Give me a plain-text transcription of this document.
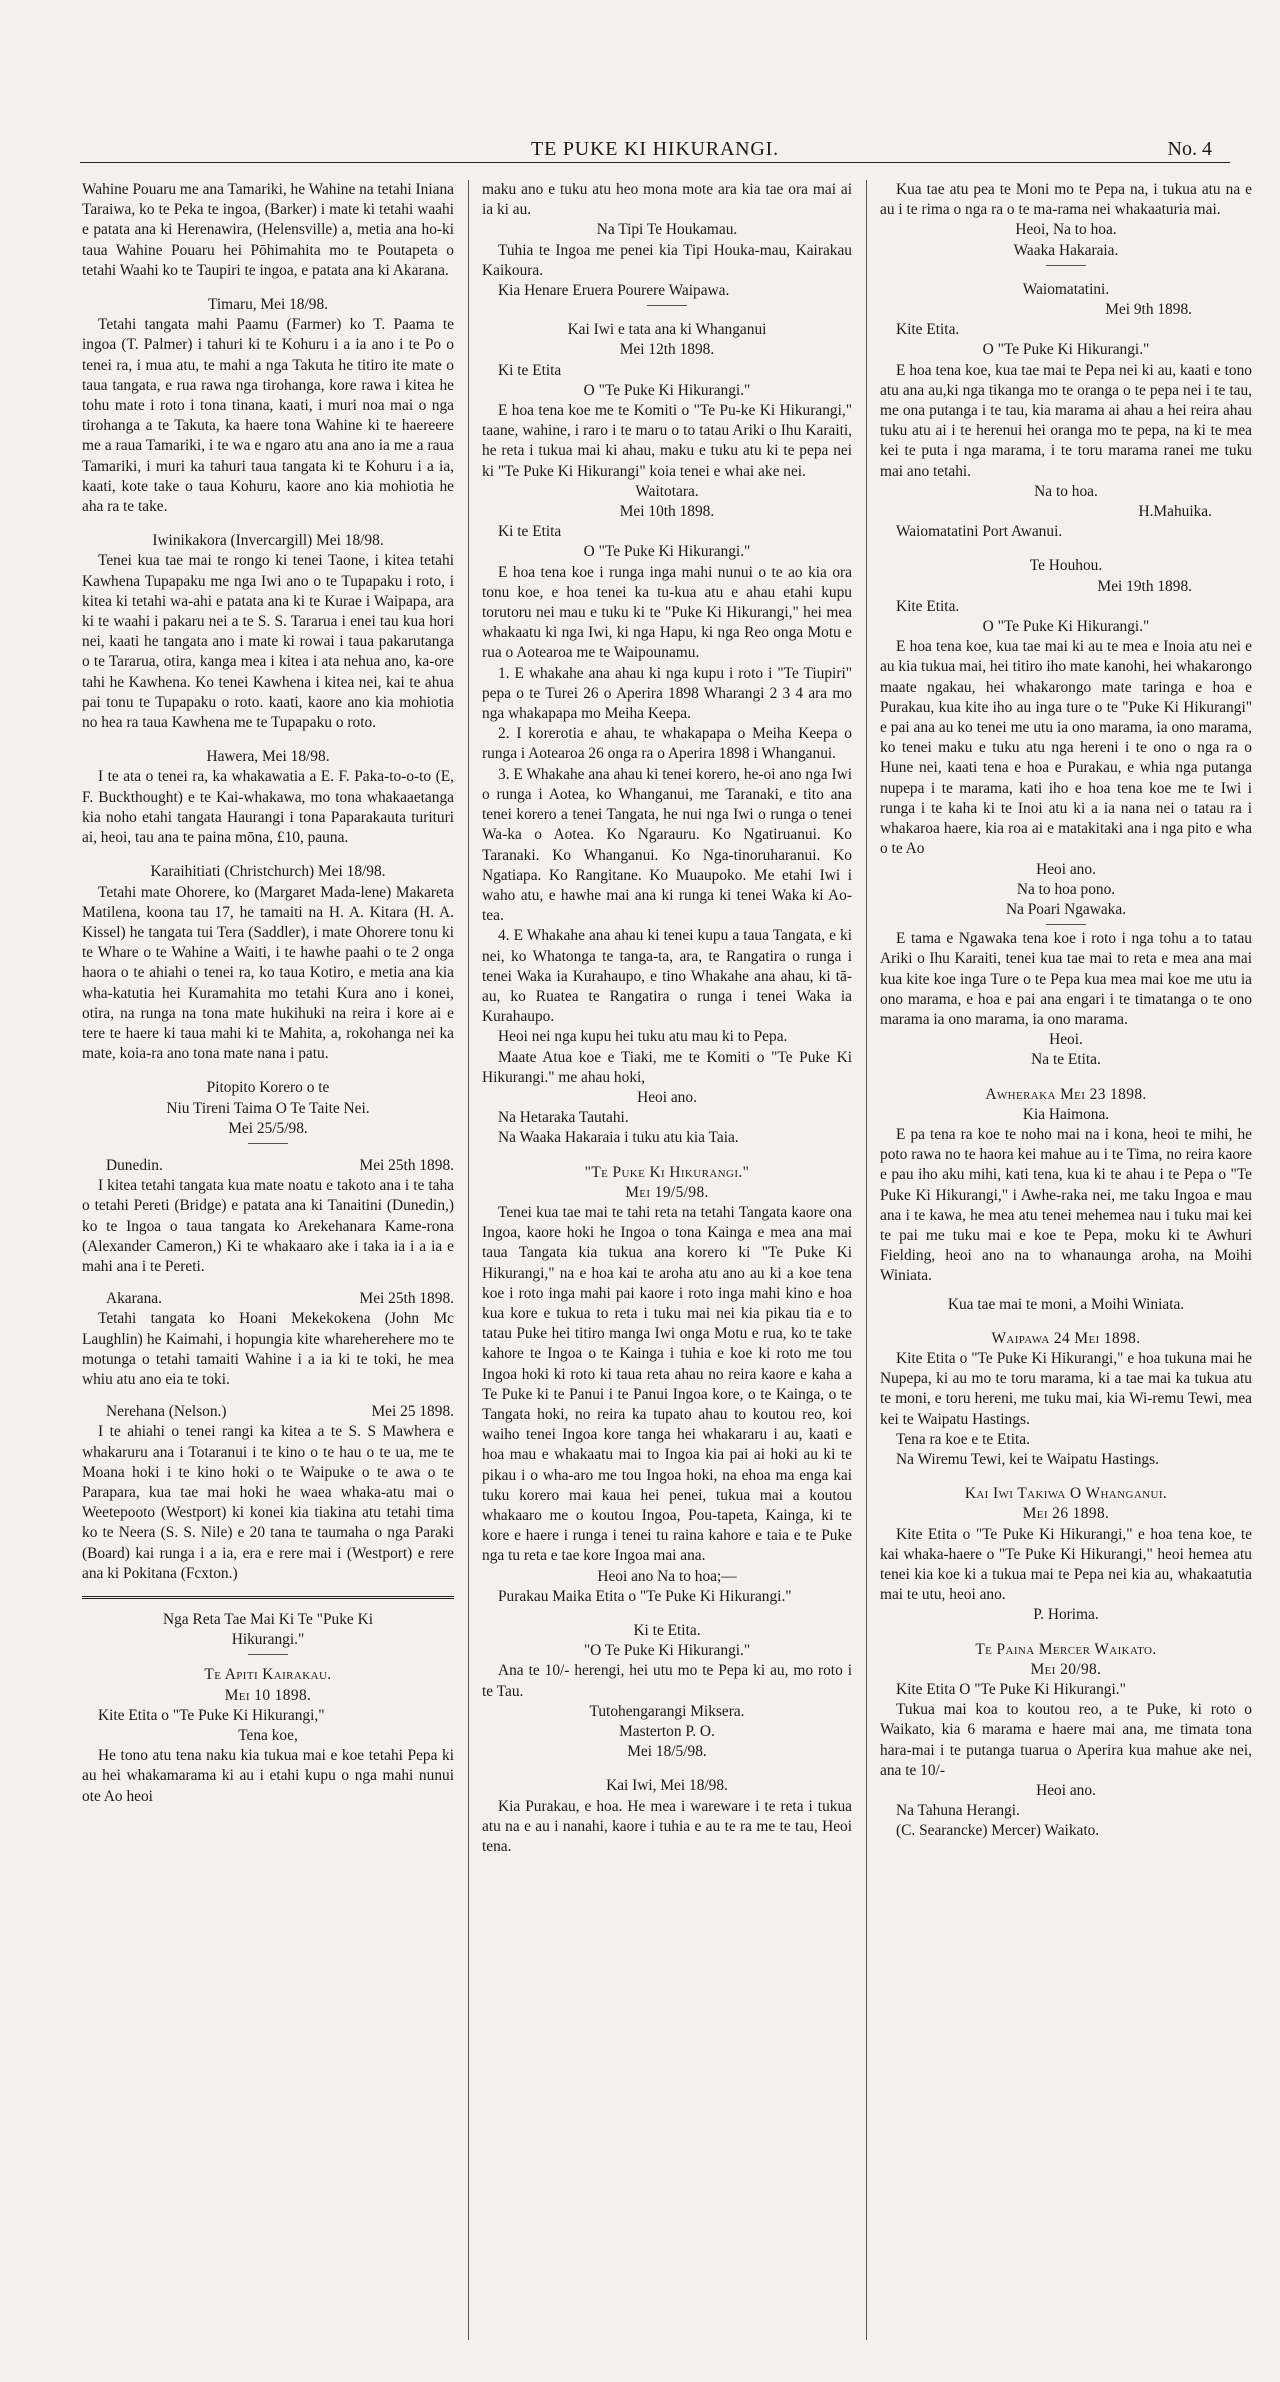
TE PUKE KI HIKURANGI.	No. 4

Wahine Pouaru me ana Tamariki, he Wahine na tetahi Iniana Taraiwa, ko te Peka te ingoa, (Barker) i mate ki tetahi waahi e patata ana ki Herenawira, (Helensville) a, metia ana ho-ki taua Wahine Pouaru hei Pōhimahita mo te Poutapeta o tetahi Waahi ko te Taupiri te ingoa, e patata ana ki Akarana.

Timaru, Mei 18/98.

Tetahi tangata mahi Paamu (Farmer) ko T. Paama te ingoa (T. Palmer) i tahuri ki te Kohuru i a ia ano i te Po o tenei ra, i mua atu, te mahi a nga Takuta he titiro ite mate o taua tangata, e rua rawa nga tirohanga, kore rawa i kitea he tohu mate i roto i tona tinana, kaati, i muri noa mai o nga tirohanga a te Takuta, ka haere tona Wahine ki te haereere me a raua Tamariki, i te wa e ngaro atu ana ano ia me a raua Tamariki, i muri ka tahuri taua tangata ki te Kohuru i a ia, kaati, kote take o taua Kohuru, kaore ano kia mohiotia he aha ra te take.

Iwinikakora (Invercargill) Mei 18/98.

Tenei kua tae mai te rongo ki tenei Taone, i kitea tetahi Kawhena Tupapaku me nga Iwi ano o te Tupapaku i roto, i kitea ki tetahi wa-ahi e patata ana ki te Kurae i Waipapa, ara ki te waahi i pakaru nei a te S. S. Tararua i enei tau kua hori nei, kaati he tangata ano i mate ki rowai i taua pakarutanga o te Tararua, otira, kanga mea i kitea i ata nehua ano, ka-ore tahi he Kawhena. Ko tenei Kawhena i kitea nei, kai te ahua pai tonu te Tupapaku o roto. kaati, kaore ano kia mohiotia no hea ra taua Kawhena me te Tupapaku o roto.

Hawera, Mei 18/98.

I te ata o tenei ra, ka whakawatia a E. F. Paka-to-o-to (E, F. Buckthought) e te Kai-whakawa, mo tona whakaaetanga kia noho etahi tangata Haurangi i tona Paparakauta turituri ai, heoi, tau ana te paina mōna, £10, pauna.

Karaihitiati (Christchurch) Mei 18/98.

Tetahi mate Ohorere, ko (Margaret Mada-lene) Makareta Matilena, koona tau 17, he tamaiti na H. A. Kitara (H. A. Kissel) he tangata tui Tera (Saddler), i mate Ohorere tonu ki te Whare o te Wahine a Waiti, i te hawhe paahi o te 2 onga haora o te ahiahi o tenei ra, ko taua Kotiro, e metia ana kia wha-katutia hei Kuramahita mo tetahi Kura ano i konei, otira, na runga na tona mate hukihuki na reira i kore ai e tere te haere ki taua mahi ki te Mahita, a, rokohanga nei ka mate, koia-ra ano tona mate nana i patu.

Pitopito Korero o te

Niu Tireni Taima O Te Taite Nei.

Mei 25/5/98.

Dunedin.	Mei 25th 1898.

I kitea tetahi tangata kua mate noatu e takoto ana i te taha o tetahi Pereti (Bridge) e patata ana ki Tanaitini (Dunedin,) ko te Ingoa o taua tangata ko Arekehanara Kame-rona (Alexander Cameron,) Ki te whakaaro ake i taka ia i a ia e mahi ana i te Pereti.

Akarana.	Mei 25th 1898.

Tetahi tangata ko Hoani Mekekokena (John Mc Laughlin) he Kaimahi, i hopungia kite whareherehere mo te motunga o tetahi tamaiti Wahine i a ia ki te toki, he mea whiu atu ano eia te toki.

Nerehana (Nelson.)	Mei 25 1898.

I te ahiahi o tenei rangi ka kitea a te S. S Mawhera e whakaruru ana i Totaranui i te kino o te hau o te ua, me te Moana hoki i te kino hoki o te Waipuke o te awa o te Parapara, kua tae mai hoki he waea whaka-atu mai o Weetepooto (Westport) ki konei kia tiakina atu tetahi tima ko te Neera (S. S. Nile) e 20 tana te taumaha o nga Paraki (Board) kai runga i a ia, era e rere mai i (Westport) e rere ana ki Pokitana (Fcxton.)

Nga Reta Tae Mai Ki Te "Puke Ki

Hikurangi."

Te Apiti Kairakau.

Mei 10 1898.

Kite Etita o "Te Puke Ki Hikurangi,"

Tena koe,

He tono atu tena naku kia tukua mai e koe tetahi Pepa ki au hei whakamarama ki au i etahi kupu o nga mahi nunui ote Ao heoi

maku ano e tuku atu heo mona mote ara kia tae ora mai ai ia ki au.

Na Tipi Te Houkamau.

Tuhia te Ingoa me penei kia Tipi Houka-mau, Kairakau Kaikoura.

Kia Henare Eruera Pourere Waipawa.

Kai Iwi e tata ana ki Whanganui

Mei 12th 1898.

Ki te Etita

O "Te Puke Ki Hikurangi."

E hoa tena koe me te Komiti o "Te Pu-ke Ki Hikurangi," taane, wahine, i raro i te maru o to tatau Ariki o Ihu Karaiti, he reta i tukua mai ki ahau, maku e tuku atu ki te pepa nei ki "Te Puke Ki Hikurangi" koia tenei e whai ake nei.

Waitotara.

Mei 10th 1898.

Ki te Etita

O "Te Puke Ki Hikurangi."

E hoa tena koe i runga inga mahi nunui o te ao kia ora tonu koe, e hoa tenei ka tu-kua atu e ahau etahi kupu torutoru nei mau e tuku ki te "Puke Ki Hikurangi," hei mea whakaatu ki nga Iwi, ki nga Hapu, ki nga Reo onga Motu e rua o Aotearoa me te Waipounamu.

1. E whakahe ana ahau ki nga kupu i roto i "Te Tiupiri" pepa o te Turei 26 o Aperira 1898 Wharangi 2 3 4 ara mo nga whakapapa mo Meiha Keepa.

2. I korerotia e ahau, te whakapapa o Meiha Keepa o runga i Aotearoa 26 onga ra o Aperira 1898 i Whanganui.

3. E Whakahe ana ahau ki tenei korero, he-oi ano nga Iwi o runga i Aotea, ko Whanganui, me Taranaki, e tito ana tenei korero a tenei Tangata, he nui nga Iwi o runga o tenei Wa-ka o Aotea. Ko Ngarauru. Ko Ngatiruanui. Ko Taranaki. Ko Whanganui. Ko Nga-tinoruharanui. Ko Ngatiapa. Ko Rangitane. Ko Muaupoko. Me etahi Iwi i waho atu, e hawhe mai ana ki runga ki tenei Waka ki Ao-tea.

4. E Whakahe ana ahau ki tenei kupu a taua Tangata, e ki nei, ko Whatonga te tanga-ta, ara, te Rangatira o runga i tenei Waka ia Kurahaupo, e tino Whakahe ana ahau, ki tā-au, ko Ruatea te Rangatira o runga i tenei Waka ia Kurahaupo.

Heoi nei nga kupu hei tuku atu mau ki to Pepa.

Maate Atua koe e Tiaki, me te Komiti o "Te Puke Ki Hikurangi." me ahau hoki,

Heoi ano.

Na Hetaraka Tautahi.

Na Waaka Hakaraia i tuku atu kia Taia.

"Te Puke Ki Hikurangi."

Mei 19/5/98.

Tenei kua tae mai te tahi reta na tetahi Tangata kaore ona Ingoa, kaore hoki he Ingoa o tona Kainga e mea ana mai taua Tangata kia tukua ana korero ki "Te Puke Ki Hikurangi," na e hoa kai te aroha atu ano au ki a koe tena koe i roto inga mahi pai kaore i roto inga mahi kino e hoa kua kore e tukua to reta i tuku mai nei kia pikau tia e to tatau Puke hei titiro manga Iwi onga Motu e rua, ko te take kahore te Ingoa o te Kainga i tuhia e koe ki roto me tou Ingoa hoki ki roto ki taua reta ahau no reira kaore e kaha a Te Puke ki te Panui i te Panui Ingoa kore, o te Kainga, o te Tangata hoki, no reira ka tupato ahau to koutou reo, koi waiho tenei Ingoa kore tanga hei whakararu i au, kaati e hoa mau e whakaatu mai to Ingoa kia pai ai hoki au ki te pikau i o wha-aro me tou Ingoa hoki, na ehoa ma enga kai tuku korero mai kaua hei penei, tukua mai a koutou whakaaro me o koutou Ingoa, Pou-tapeta, Kainga, ki te kore e haere i runga i tenei tu raina kahore e taia e te Puke nga tu reta e tae kore Ingoa mai ana.

Heoi ano Na to hoa;—

Purakau Maika Etita o "Te Puke Ki Hikurangi."

Ki te Etita.

"O Te Puke Ki Hikurangi."

Ana te 10/- herengi, hei utu mo te Pepa ki au, mo roto i te Tau.

Tutohengarangi Miksera.

Masterton P. O.

Mei 18/5/98.

Kai Iwi, Mei 18/98.

Kia Purakau, e hoa. He mea i wareware i te reta i tukua atu na e au i nanahi, kaore i tuhia e au te ra me te tau, Heoi tena.

Kua tae atu pea te Moni mo te Pepa na, i tukua atu na e au i te rima o nga ra o te ma-rama nei whakaaturia mai.

Heoi, Na to hoa.

Waaka Hakaraia.

Waiomatatini.

Mei 9th 1898.

Kite Etita.

O "Te Puke Ki Hikurangi."

E hoa tena koe, kua tae mai te Pepa nei ki au, kaati e tono atu ana au,ki nga tikanga mo te oranga o te pepa nei i te tau, me ona putanga i te tau, kia marama ai ahau a hei reira ahau tuku atu ai i te herenui hei oranga mo te pepa, na ki te mea kei te puta i nga marama, i te toru marama ranei me tuku mai ano tetahi.

Na to hoa.

H.Mahuika.

Waiomatatini Port Awanui.

Te Houhou.

Mei 19th 1898.

Kite Etita.

O "Te Puke Ki Hikurangi."

E hoa tena koe, kua tae mai ki au te mea e Inoia atu nei e au kia tukua mai, hei titiro iho mate kanohi, hei whakarongo maate ngakau, hei whakarongo mate taringa e hoa e Purakau, kua kite iho au inga ture o te "Puke Ki Hikurangi" e pai ana au ko tenei me utu ia ono marama, ia ono marama, ko tenei maku e tuku atu nga hereni i te ono o nga ra o Hune nei, kaati tena e hoa e Purakau, e whia nga putanga nupepa i te marama, kati iho e hoa tena koe me te Iwi i runga i te kaha ki te Inoi atu ki a ia nana nei o tatau ra i whakaroa haere, kia roa ai e matakitaki ana i nga pito e wha o te Ao

Heoi ano.

Na to hoa pono.

Na Poari Ngawaka.

E tama e Ngawaka tena koe i roto i nga tohu a to tatau Ariki o Ihu Karaiti, tenei kua tae mai to reta e mea ana mai kua kite koe inga Ture o te Pepa kua mea mai koe me utu ia ono marama, e hoa e pai ana engari i te timatanga o te ono marama ia ono marama, ia ono marama.

Heoi.

Na te Etita.

Awheraka Mei 23 1898.

Kia Haimona.

E pa tena ra koe te noho mai na i kona, heoi te mihi, he poto rawa no te haora kei mahue au i te Tima, no reira kaore e pau iho aku mihi, kati tena, kua ki te ahau i te Pepa o "Te Puke Ki Hikurangi," i Awhe-raka nei, me taku Ingoa e mau ana i te kawa, he mea atu tenei mehemea nau i tuku mai kei te pai me tuku mai e koe te Pepa, moku ki te Awhuri Fielding, heoi ano na to whanaunga aroha, na Moihi Winiata.

Kua tae mai te moni, a Moihi Winiata.

Waipawa 24 Mei 1898.

Kite Etita o "Te Puke Ki Hikurangi," e hoa tukuna mai he Nupepa, ki au mo te toru marama, ki a tae mai ka tukua atu te moni, e toru hereni, me tuku mai, kia Wi-remu Tewi, mea kei te Waipatu Hastings.

Tena ra koe e te Etita.

Na Wiremu Tewi, kei te Waipatu Hastings.

Kai Iwi Takiwa O Whanganui.

Mei 26 1898.

Kite Etita o "Te Puke Ki Hikurangi," e hoa tena koe, te kai whaka-haere o "Te Puke Ki Hikurangi," heoi hemea atu tenei kia koe ki a tukua mai te Pepa nei kia au, whakaatutia mai te utu, heoi ano.

P. Horima.

Te Paina Mercer Waikato.

Mei 20/98.

Kite Etita O "Te Puke Ki Hikurangi."

Tukua mai koa to koutou reo, a te Puke, ki roto o Waikato, kia 6 marama e haere mai ana, me timata tona hara-mai i te putanga tuarua o Aperira kua mahue ake nei, ana te 10/-

Heoi ano.

Na Tahuna Herangi.

(C. Searancke) Mercer) Waikato.
